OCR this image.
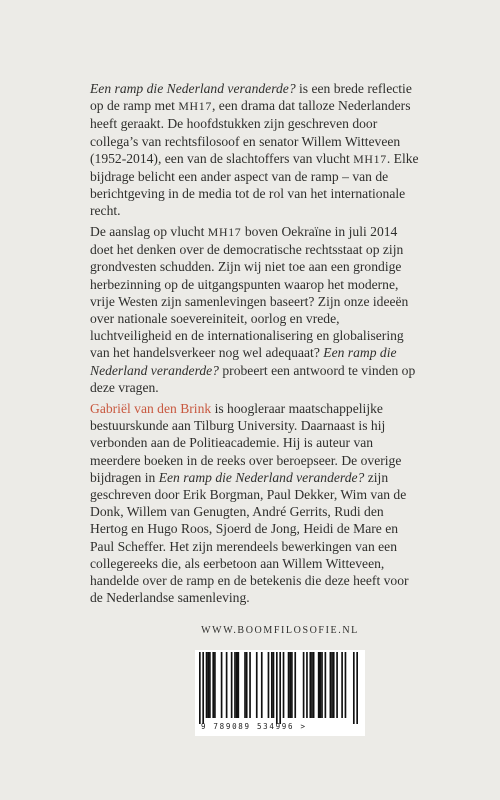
Een ramp die Nederland veranderde? is een brede reflectie op de ramp met MH17, een drama dat talloze Nederlanders heeft geraakt. De hoofdstukken zijn geschreven door collega’s van rechtsfilosoof en senator Willem Witteveen (1952-2014), een van de slachtoffers van vlucht MH17. Elke bijdrage belicht een ander aspect van de ramp – van de berichtgeving in de media tot de rol van het internationale recht.

De aanslag op vlucht MH17 boven Oekraïne in juli 2014 doet het denken over de democratische rechtsstaat op zijn grondvesten schudden. Zijn wij niet toe aan een grondige herbezinning op de uitgangspunten waarop het moderne, vrije Westen zijn samenlevingen baseert? Zijn onze ideeën over nationale soevereiniteit, oorlog en vrede, luchtveiligheid en de internationalisering en globalisering van het handelsverkeer nog wel adequaat? Een ramp die Nederland veranderde? probeert een antwoord te vinden op deze vragen.

Gabriël van den Brink is hoogleraar maatschappelijke bestuurskunde aan Tilburg University. Daarnaast is hij verbonden aan de Politieacademie. Hij is auteur van meerdere boeken in de reeks over beroepseer. De overige bijdragen in Een ramp die Nederland veranderde? zijn geschreven door Erik Borgman, Paul Dekker, Wim van de Donk, Willem van Genugten, André Gerrits, Rudi den Hertog en Hugo Roos, Sjoerd de Jong, Heidi de Mare en Paul Scheffer. Het zijn merendeels bewerkingen van een collegereeks die, als eerbetoon aan Willem Witteveen, handelde over de ramp en de betekenis die deze heeft voor de Nederlandse samenleving.

WWW.BOOMFILOSOFIE.NL
9 789089 534996 >
